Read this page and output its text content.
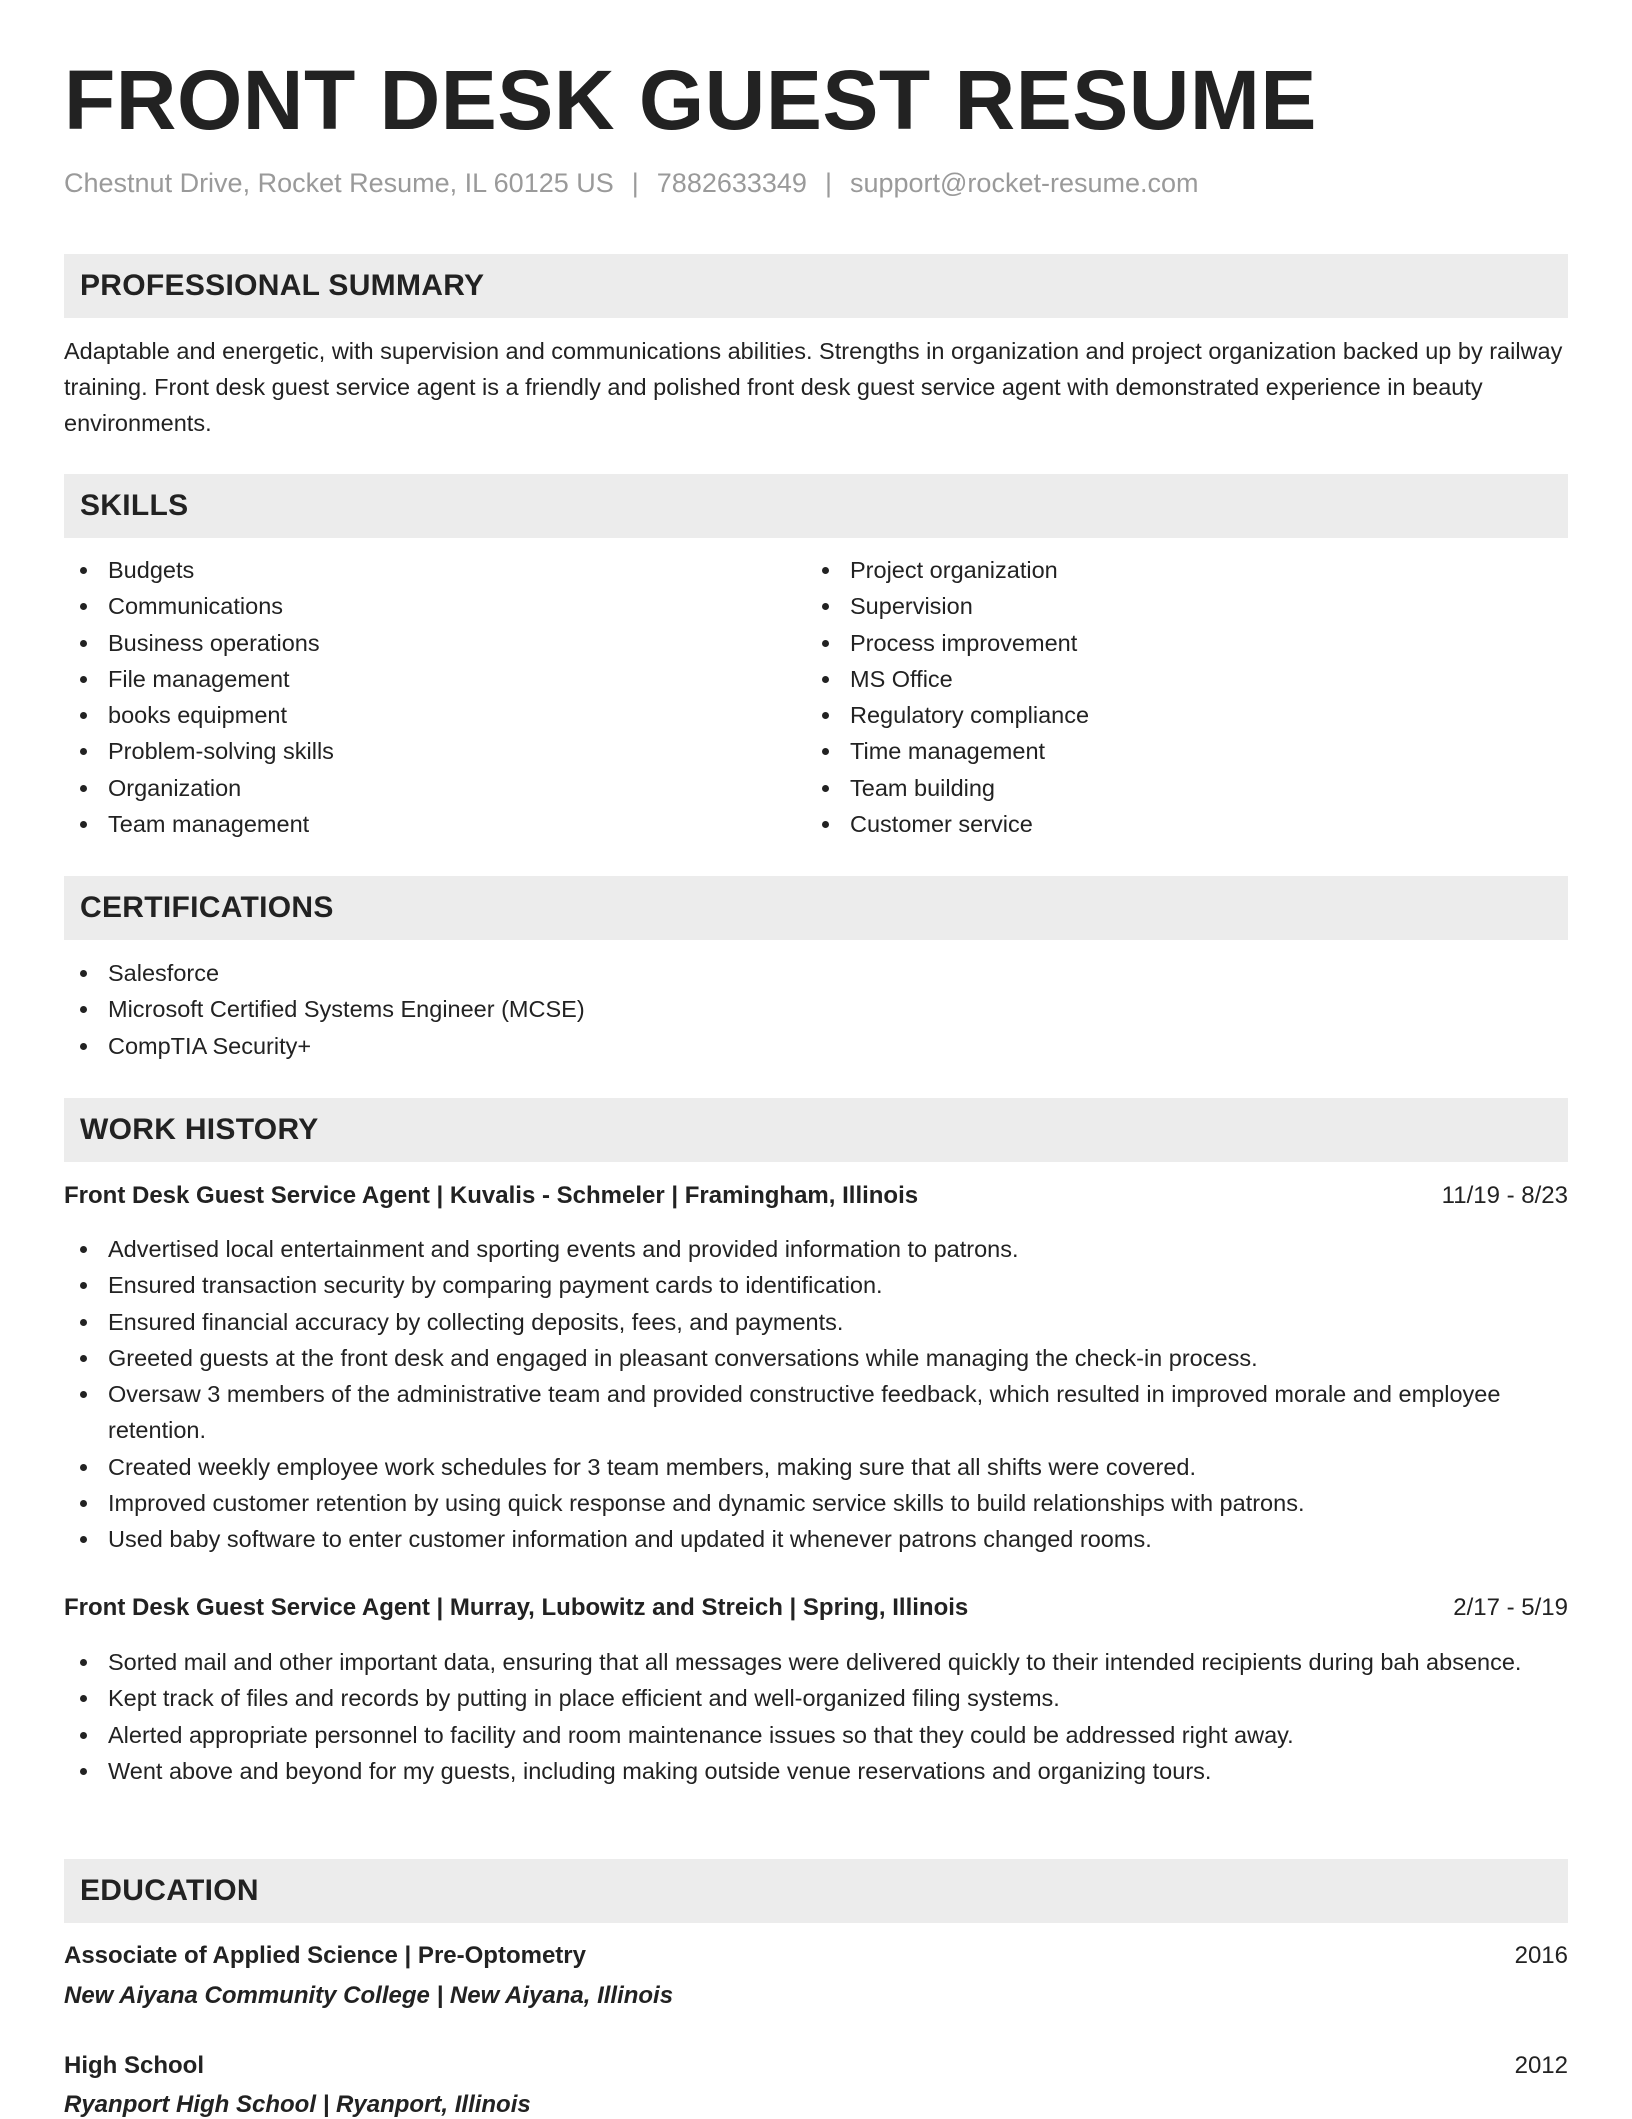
FRONT DESK GUEST RESUME
Chestnut Drive, Rocket Resume, IL 60125 US | 7882633349 | support@rocket-resume.com
PROFESSIONAL SUMMARY
Adaptable and energetic, with supervision and communications abilities. Strengths in organization and project organization backed up by railway training. Front desk guest service agent is a friendly and polished front desk guest service agent with demonstrated experience in beauty environments.
SKILLS
Budgets
Communications
Business operations
File management
books equipment
Problem-solving skills
Organization
Team management
Project organization
Supervision
Process improvement
MS Office
Regulatory compliance
Time management
Team building
Customer service
CERTIFICATIONS
Salesforce
Microsoft Certified Systems Engineer (MCSE)
CompTIA Security+
WORK HISTORY
Front Desk Guest Service Agent | Kuvalis - Schmeler | Framingham, Illinois	11/19 - 8/23
Advertised local entertainment and sporting events and provided information to patrons.
Ensured transaction security by comparing payment cards to identification.
Ensured financial accuracy by collecting deposits, fees, and payments.
Greeted guests at the front desk and engaged in pleasant conversations while managing the check-in process.
Oversaw 3 members of the administrative team and provided constructive feedback, which resulted in improved morale and employee retention.
Created weekly employee work schedules for 3 team members, making sure that all shifts were covered.
Improved customer retention by using quick response and dynamic service skills to build relationships with patrons.
Used baby software to enter customer information and updated it whenever patrons changed rooms.
Front Desk Guest Service Agent | Murray, Lubowitz and Streich | Spring, Illinois	2/17 - 5/19
Sorted mail and other important data, ensuring that all messages were delivered quickly to their intended recipients during bah absence.
Kept track of files and records by putting in place efficient and well-organized filing systems.
Alerted appropriate personnel to facility and room maintenance issues so that they could be addressed right away.
Went above and beyond for my guests, including making outside venue reservations and organizing tours.
EDUCATION
Associate of Applied Science | Pre-Optometry	2016
New Aiyana Community College | New Aiyana, Illinois
High School	2012
Ryanport High School | Ryanport, Illinois
